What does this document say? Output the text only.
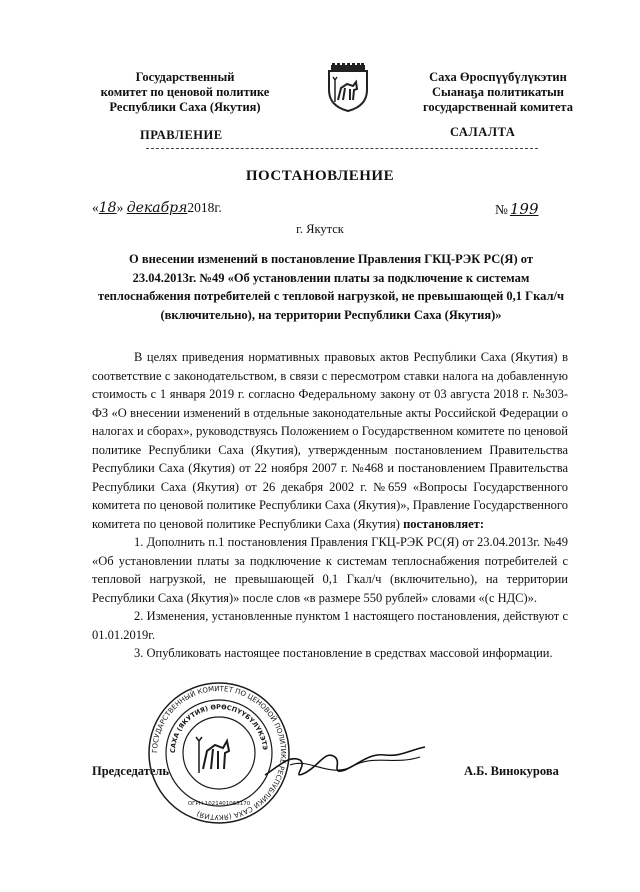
Государственный
комитет по ценовой политике
Республики Саха (Якутия)
Саха Өроспүүбүлүкэтин
Сыанаҕа политикатын
государственнай комитета
ПРАВЛЕНИЕ	САЛАЛТА
ПОСТАНОВЛЕНИЕ
«18» декабря2018г.	№ 199
г. Якутск
О внесении изменений в постановление Правления ГКЦ-РЭК РС(Я) от 23.04.2013г. №49 «Об установлении платы за подключение к системам теплоснабжения потребителей с тепловой нагрузкой, не превышающей 0,1 Гкал/ч (включительно), на территории Республики Саха (Якутия)»

В целях приведения нормативных правовых актов Республики Саха (Якутия) в соответствие с законодательством, в связи с пересмотром ставки налога на добавленную стоимость с 1 января 2019 г. согласно Федеральному закону от 03 августа 2018 г. №303-ФЗ «О внесении изменений в отдельные законодательные акты Российской Федерации о налогах и сборах», руководствуясь Положением о Государственном комитете по ценовой политике Республики Саха (Якутия), утвержденным постановлением Правительства Республики Саха (Якутия) от 22 ноября 2007 г. №468 и постановлением Правительства Республики Саха (Якутия) от 26 декабря 2002 г. №659 «Вопросы Государственного комитета по ценовой политике Республики Саха (Якутия)», Правление Государственного комитета по ценовой политике Республики Саха (Якутия) постановляет:

1. Дополнить п.1 постановления Правления ГКЦ-РЭК РС(Я) от 23.04.2013г. №49 «Об установлении платы за подключение к системам теплоснабжения потребителей с тепловой нагрузкой, не превышающей 0,1 Гкал/ч (включительно), на территории Республики Саха (Якутия)» после слов «в размере 550 рублей» словами «(с НДС)».

2. Изменения, установленные пунктом 1 настоящего постановления, действуют с 01.01.2019г.

3. Опубликовать настоящее постановление в средствах массовой информации.

Председатель	А.Б. Винокурова
ГОСУДАРСТВЕННЫЙ КОМИТЕТ ПО ЦЕНОВОЙ ПОЛИТИКЕ РЕСПУБЛИКИ САХА (ЯКУТИЯ)
САХА (ЯКУТИЯ) ӨРӨСПҮҮБҮЛҮКЭТЭ
ОГРН 1021401065170
